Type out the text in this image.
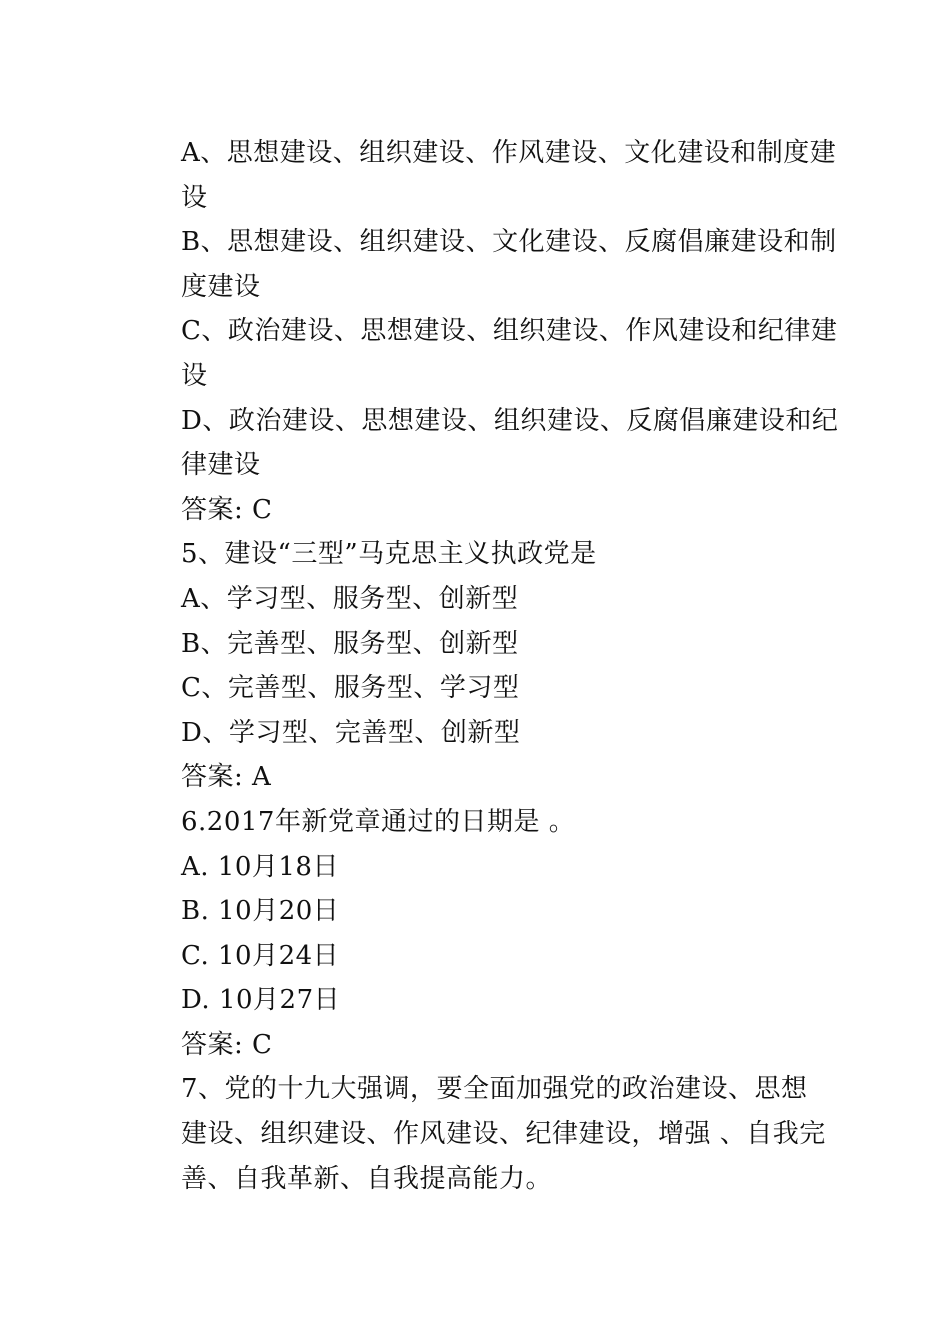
A、思想建设、组织建设、作风建设、文化建设和制度建
设
B、思想建设、组织建设、文化建设、反腐倡廉建设和制
度建设
C、政治建设、思想建设、组织建设、作风建设和纪律建
设
D、政治建设、思想建设、组织建设、反腐倡廉建设和纪
律建设
答案: C
5、建设“三型”马克思主义执政党是
A、学习型、服务型、创新型
B、完善型、服务型、创新型
C、完善型、服务型、学习型
D、学习型、完善型、创新型
答案: A
6.2017年新党章通过的日期是 。
A. 10月18日
B. 10月20日
C. 10月24日
D. 10月27日
答案: C
7、党的十九大强调，要全面加强党的政治建设、思想
建设、组织建设、作风建设、纪律建设，增强 、自我完
善、自我革新、自我提高能力。
